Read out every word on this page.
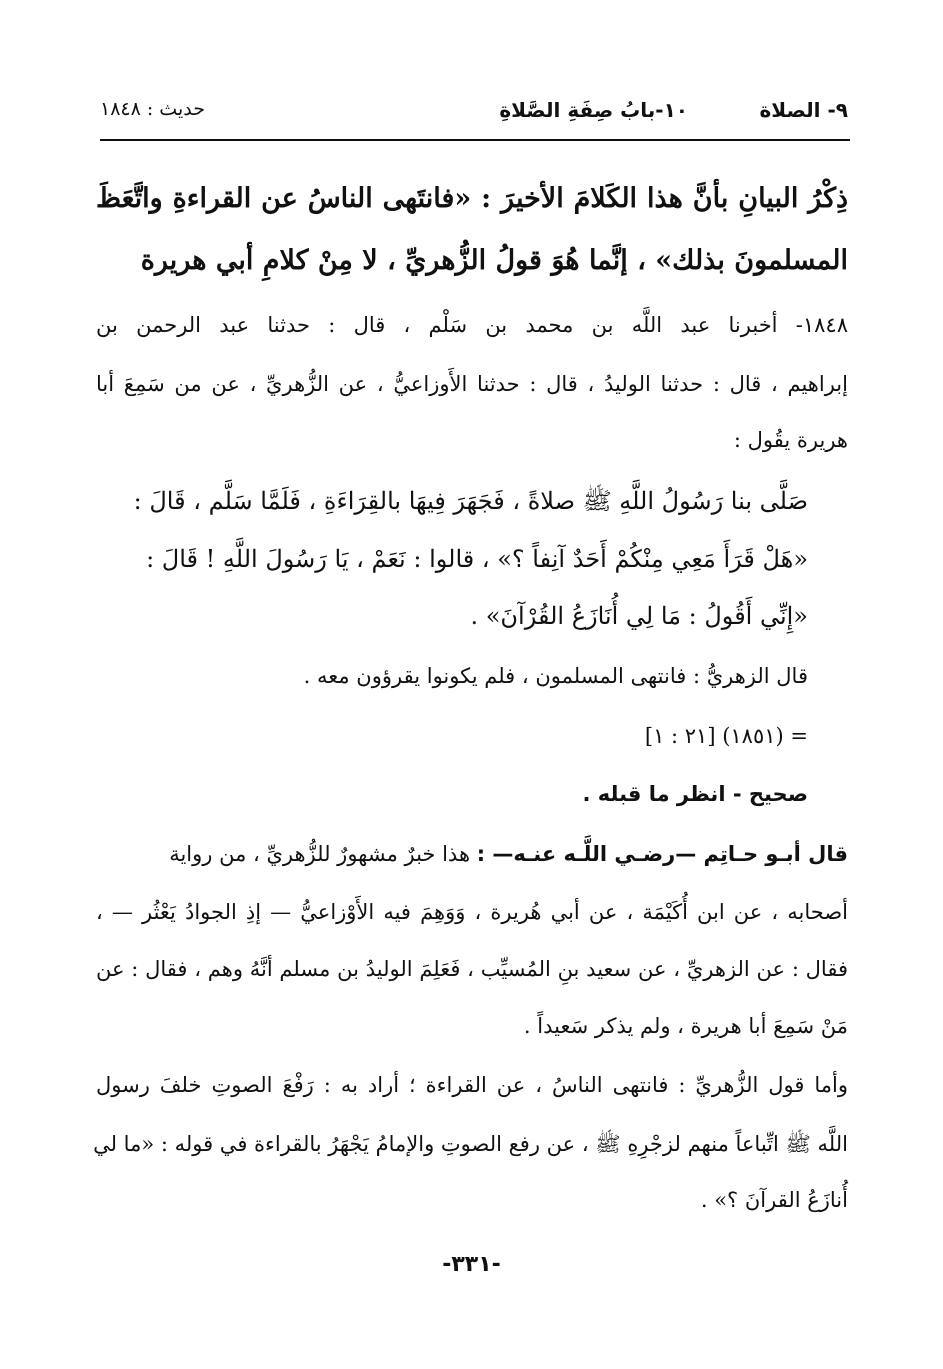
٩- الصلاة
١٠-بابُ صِفَةِ الصَّلاةِ
حديث : ١٨٤٨
ذِكْرُ البيانِ بأنَّ هذا الكَلامَ الأخيرَ : «فانتَهى الناسُ عن القراءةِ واتَّعَظَ
المسلمونَ بذلك» ، إنَّما هُوَ قولُ الزُّهريِّ ، لا مِنْ كلامِ أبي هريرة
١٨٤٨- أخبرنا عبد اللَّه بن محمد بن سَلْم ، قال : حدثنا عبد الرحمن بن
إبراهيم ، قال : حدثنا الوليدُ ، قال : حدثنا الأَوزاعيُّ ، عن الزُّهريِّ ، عن من سَمِعَ أبا
هريرة يقُول :
صَلَّى بنا رَسُولُ اللَّهِ ﷺ صلاةً ، فَجَهَرَ فِيهَا بالقِرَاءَةِ ، فَلَمَّا سَلَّم ، قَالَ :
«هَلْ قَرَأَ مَعِي مِنْكُمْ أَحَدٌ آنِفاً ؟» ، قالوا : نَعَمْ ، يَا رَسُولَ اللَّهِ ! قَالَ :
«إِنِّي أَقُولُ : مَا لِي أُنَازَعُ القُرْآنَ» .
قال الزهريُّ : فانتهى المسلمون ، فلم يكونوا يقرؤون معه .
= (١٨٥١) [٢١ : ١]
صحيح - انظر ما قبله .
قال أبـو حـاتِم —رضـي اللَّـه عنـه— : هذا خبرٌ مشهورٌ للزُّهريِّ ، من رواية
أصحابه ، عن ابن أُكَيْمَة ، عن أبي هُريرة ، وَوَهِمَ فيه الأَوْزاعيُّ — إذِ الجوادُ يَعْثُر — ،
فقال : عن الزهريِّ ، عن سعيد بنِ المُسيِّب ، فَعَلِمَ الوليدُ بن مسلم أنَّهُ وهم ، فقال : عن
مَنْ سَمِعَ أبا هريرة ، ولم يذكر سَعيداً .
وأما قول الزُّهريِّ : فانتهى الناسُ ، عن القراءة ؛ أراد به : رَفْعَ الصوتِ خلفَ رسول
اللَّه ﷺ اتِّباعاً منهم لزجْرِهِ ﷺ ، عن رفع الصوتِ والإمامُ يَجْهَرُ بالقراءة في قوله : «ما لي
أُنازَعُ القرآنَ ؟» .
-٣٣١-
